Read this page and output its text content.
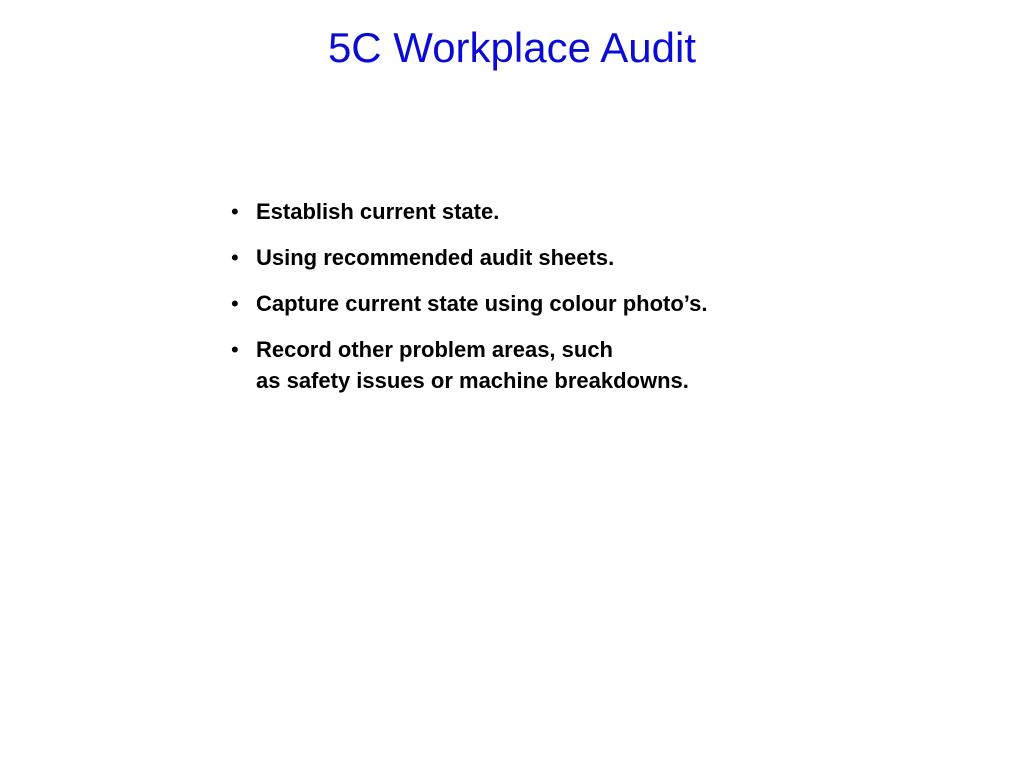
5C Workplace Audit
• Establish current state.
• Using recommended audit sheets.
• Capture current state using colour photo’s.
• Record other problem areas, such
as safety issues or machine breakdowns.
